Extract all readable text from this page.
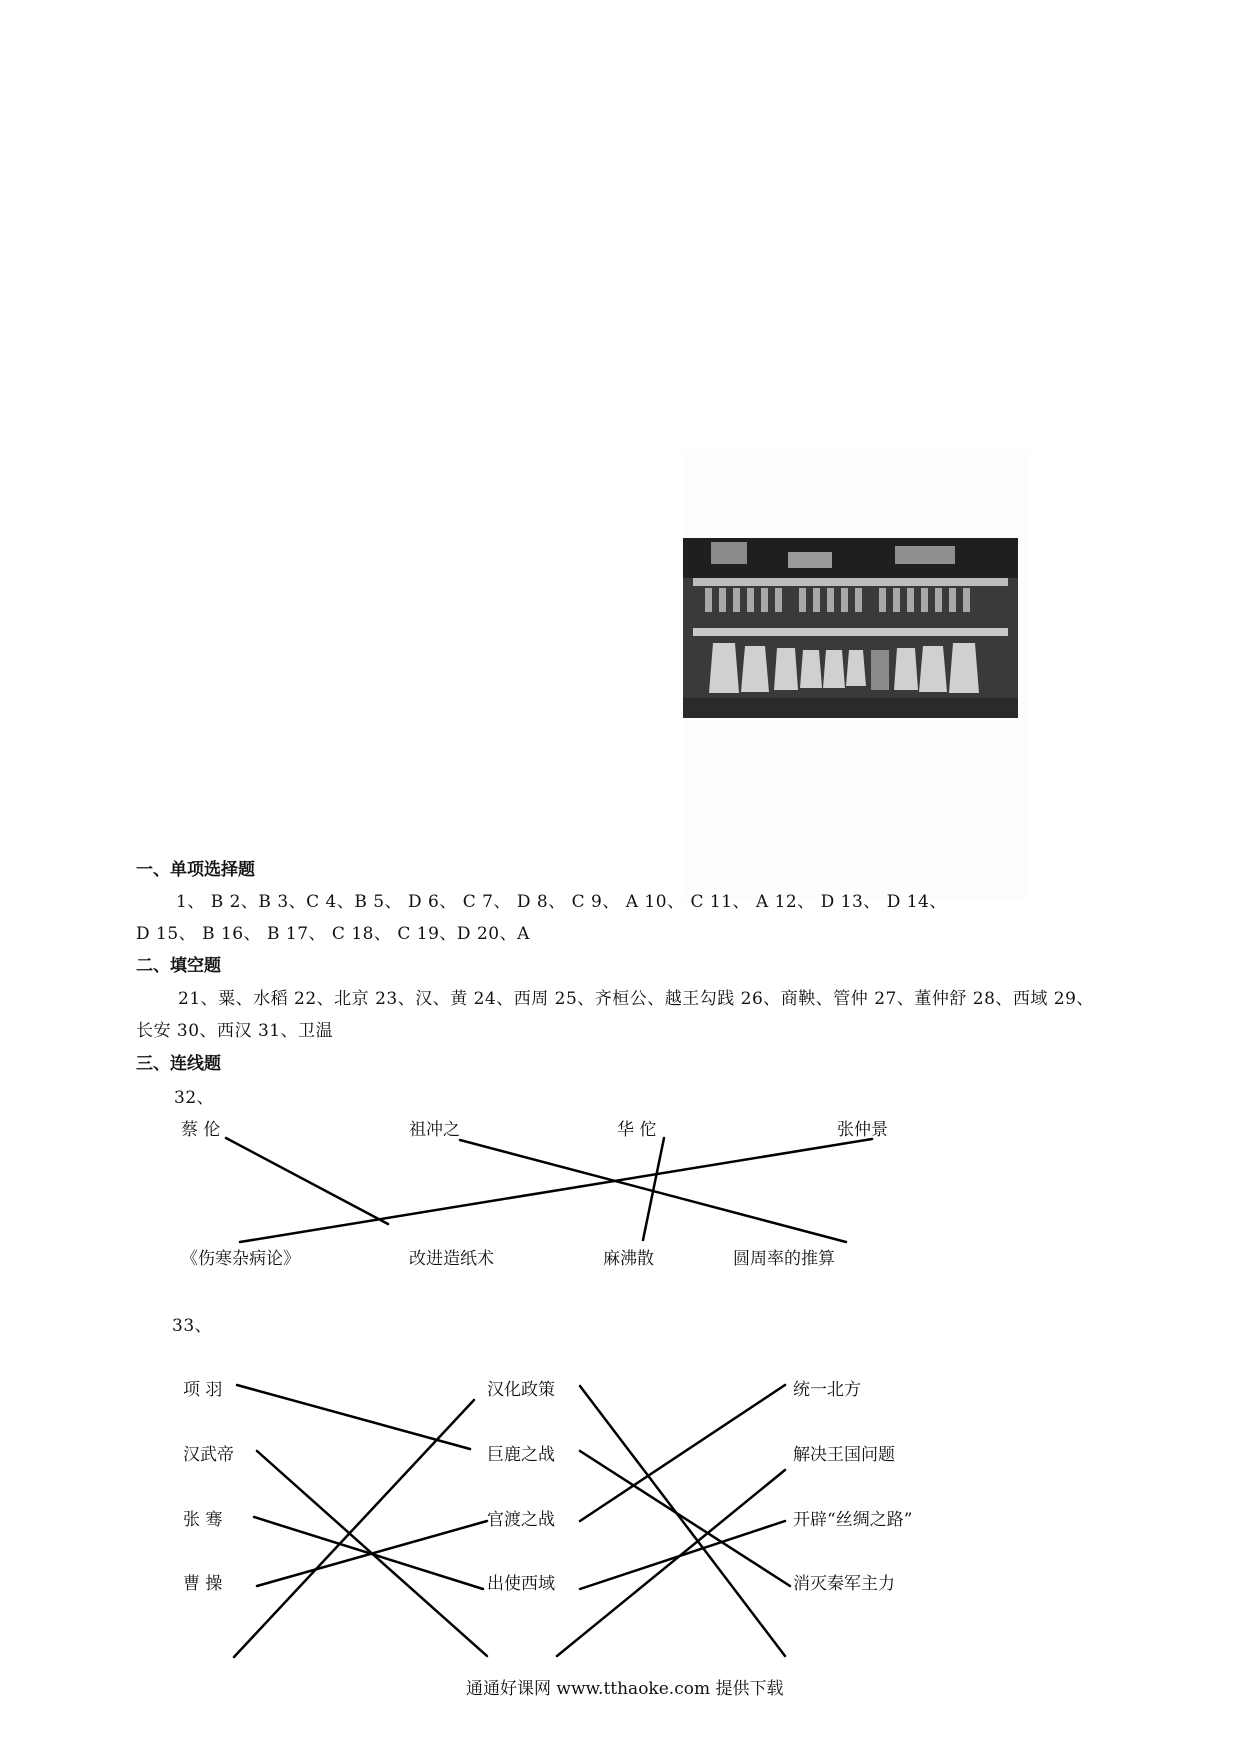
一、单项选择题
1、 B 2、B 3、C 4、B 5、 D 6、 C 7、 D 8、 C 9、 A 10、 C 11、 A 12、 D 13、 D 14、
D 15、 B 16、 B 17、 C 18、 C 19、D 20、A
二、填空题
21、粟、水稻 22、北京 23、汉、黄 24、西周 25、齐桓公、越王勾践 26、商鞅、管仲 27、董仲舒 28、西域 29、
长安 30、西汉 31、卫温
三、连线题
32、
蔡 伦	祖冲之	华 佗	张仲景
《伤寒杂病论》	改进造纸术	麻沸散	圆周率的推算
33、
项 羽
汉武帝
张 骞
曹 操
汉化政策
巨鹿之战
官渡之战
出使西域
统一北方
解决王国问题
开辟“丝绸之路”
消灭秦军主力
通通好课网 www.tthaoke.com 提供下载
